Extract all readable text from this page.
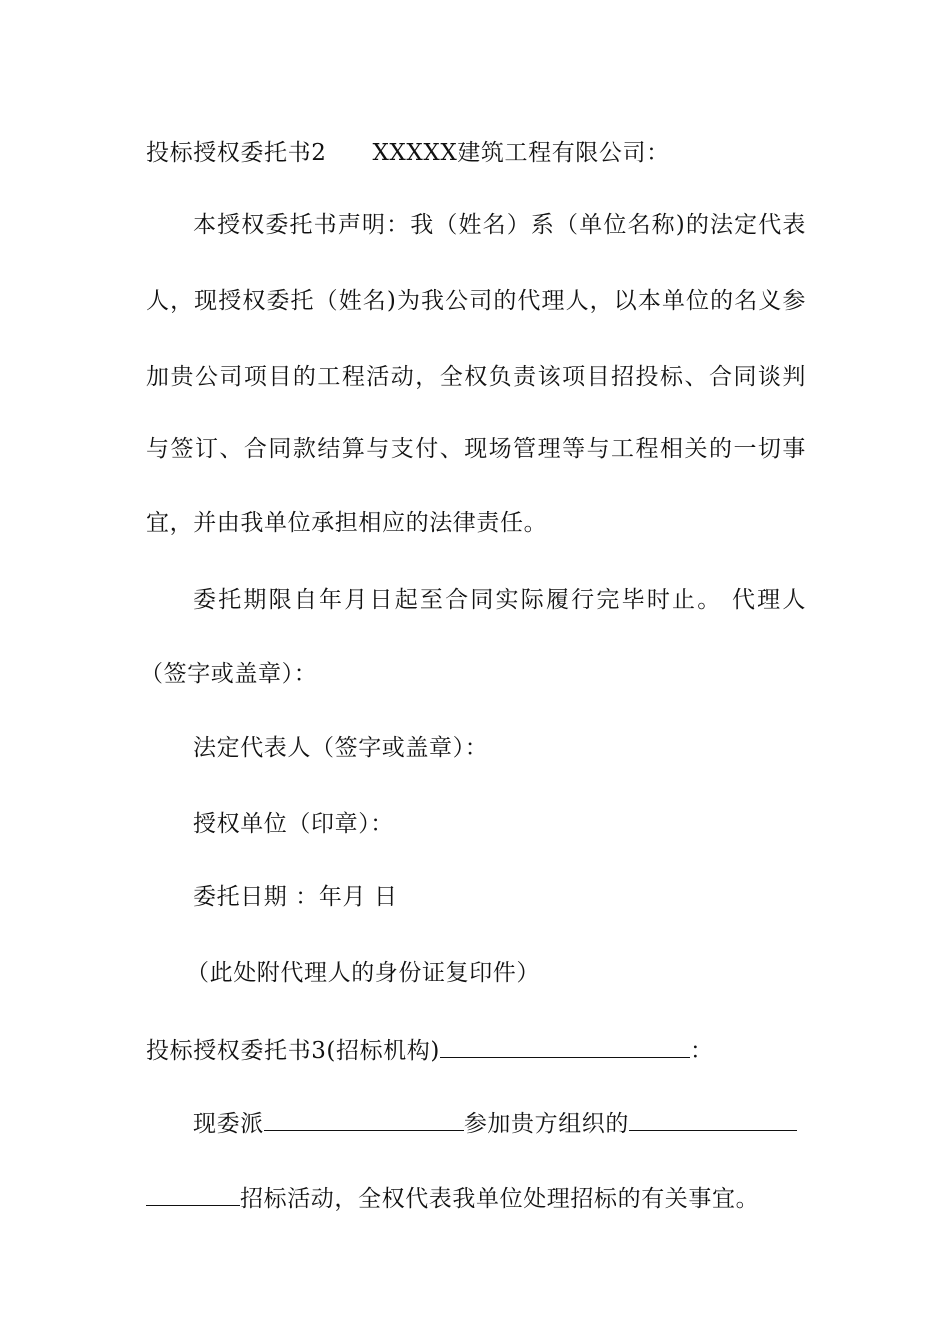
投标授权委托书2 XXXXX建筑工程有限公司：
本授权委托书声明：我（姓名）系（单位名称)的法定代表
人，现授权委托（姓名)为我公司的代理人，以本单位的名义参
加贵公司项目的工程活动，全权负责该项目招投标、合同谈判
与签订、合同款结算与支付、现场管理等与工程相关的一切事
宜，并由我单位承担相应的法律责任。
委托期限自年月日起至合同实际履行完毕时止。 代理人
（签字或盖章）：
法定代表人（签字或盖章）：
授权单位（印章）：
委托日期 ：年月 日
（此处附代理人的身份证复印件）
投标授权委托书3(招标机构)	：
现委派	参加贵方组织的
招标活动，全权代表我单位处理招标的有关事宜。
